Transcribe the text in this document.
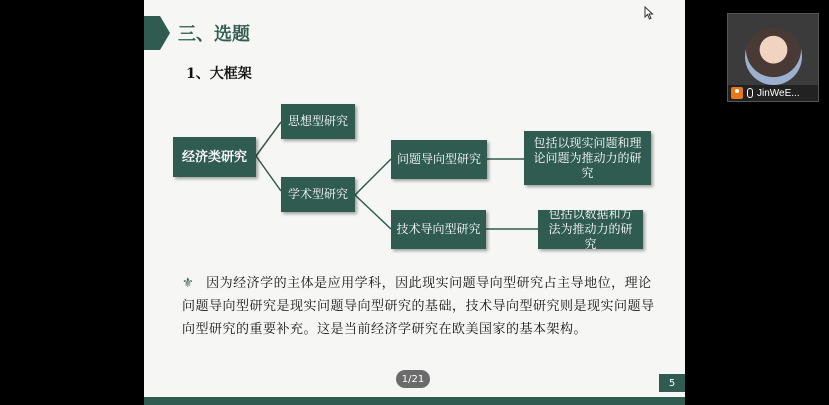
三、选题
1、大框架
经济类研究
思想型研究
学术型研究
问题导向型研究
技术导向型研究
包括以现实问题和理论问题为推动力的研究
包括以数据和方法为推动力的研究
⚜ 因为经济学的主体是应用学科，因此现实问题导向型研究占主导地位，理论问题导向型研究是现实问题导向型研究的基础，技术导向型研究则是现实问题导向型研究的重要补充。这是当前经济学研究在欧美国家的基本架构。
1/21	5
JinWeE...
